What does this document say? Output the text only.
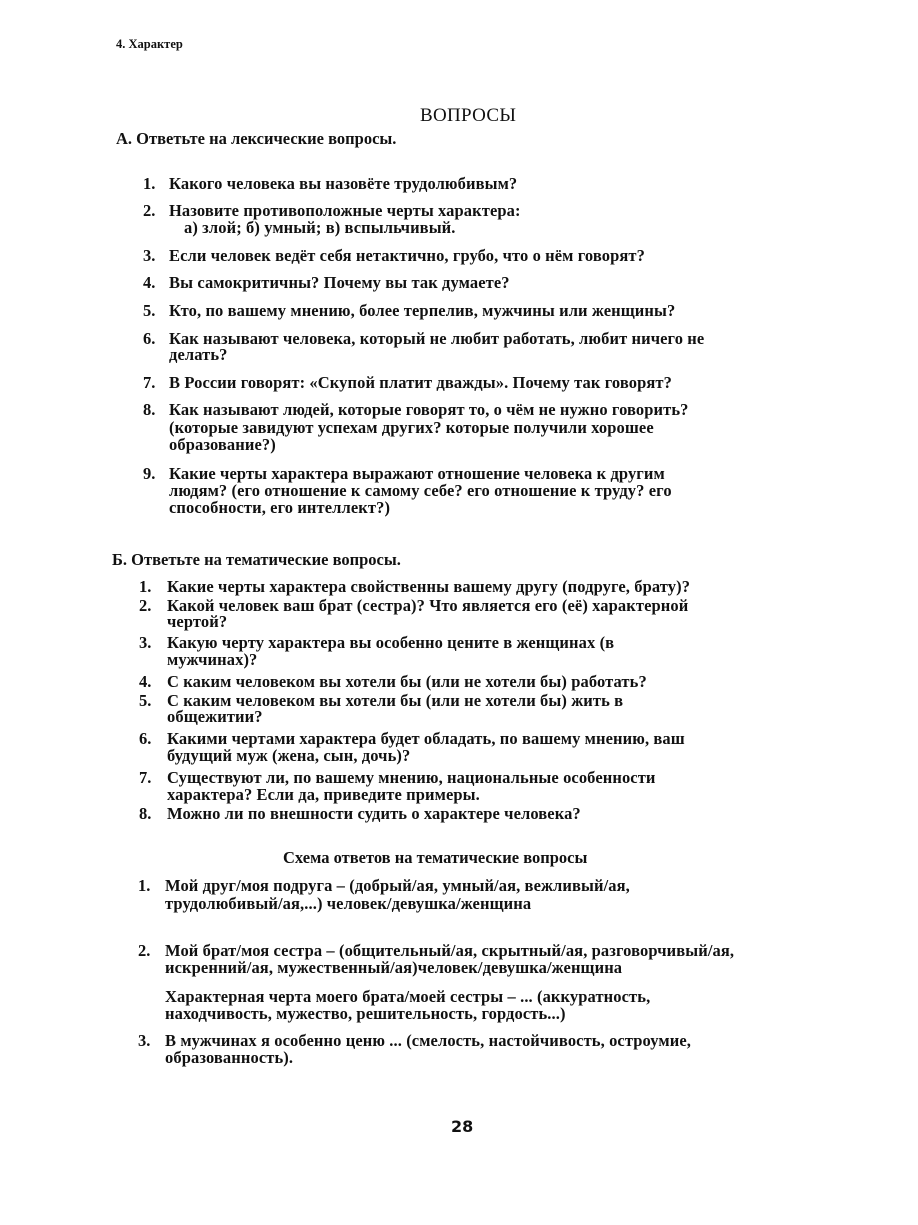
4. Характер
ВОПРОСЫ
А. Ответьте на лексические вопросы.
1. Какого человека вы назовёте трудолюбивым?
2. Назовите противоположные черты характера:
а) злой; б) умный; в) вспыльчивый.
3. Если человек ведёт себя нетактично, грубо, что о нём говорят?
4. Вы самокритичны? Почему вы так думаете?
5. Кто, по вашему мнению, более терпелив, мужчины или женщины?
6. Как называют человека, который не любит работать, любит ничего не
делать?
7. В России говорят: «Скупой платит дважды». Почему так говорят?
8. Как называют людей, которые говорят то, о чём не нужно говорить?
(которые завидуют успехам других? которые получили хорошее
образование?)
9. Какие черты характера выражают отношение человека к другим
людям? (его отношение к самому себе? его отношение к труду? его
способности, его интеллект?)
Б. Ответьте на тематические вопросы.
1. Какие черты характера свойственны вашему другу (подруге, брату)?
2. Какой человек ваш брат (сестра)? Что является его (её) характерной
чертой?
3. Какую черту характера вы особенно цените в женщинах (в
мужчинах)?
4. С каким человеком вы хотели бы (или не хотели бы) работать?
5. С каким человеком вы хотели бы (или не хотели бы) жить в
общежитии?
6. Какими чертами характера будет обладать, по вашему мнению, ваш
будущий муж (жена, сын, дочь)?
7. Существуют ли, по вашему мнению, национальные особенности
характера? Если да, приведите примеры.
8. Можно ли по внешности судить о характере человека?
Схема ответов на тематические вопросы
1. Мой друг/моя подруга – (добрый/ая, умный/ая, вежливый/ая,
трудолюбивый/ая,...) человек/девушка/женщина
2. Мой брат/моя сестра – (общительный/ая, скрытный/ая, разговорчивый/ая,
искренний/ая, мужественный/ая)человек/девушка/женщина
Характерная черта моего брата/моей сестры – ... (аккуратность,
находчивость, мужество, решительность, гордость...)
3. В мужчинах я особенно ценю ... (смелость, настойчивость, остроумие,
образованность).
28
